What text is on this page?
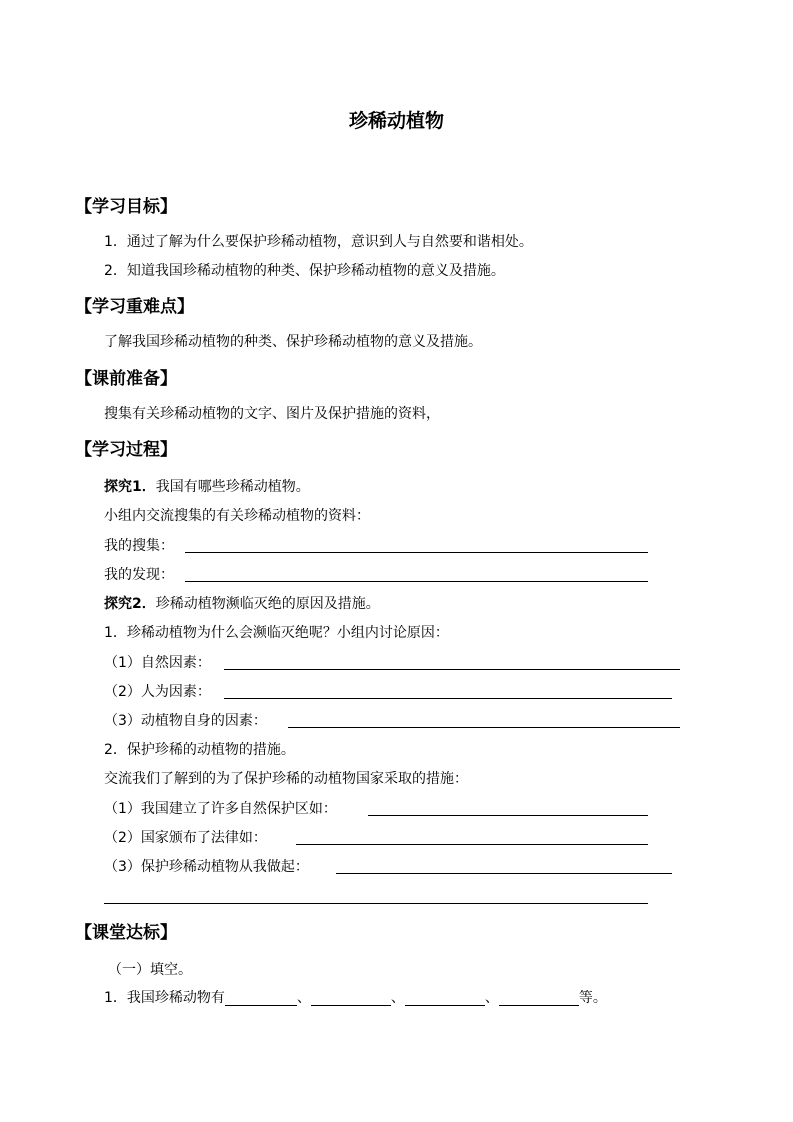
珍稀动植物
【学习目标】
1．通过了解为什么要保护珍稀动植物，意识到人与自然要和谐相处。
2．知道我国珍稀动植物的种类、保护珍稀动植物的意义及措施。
【学习重难点】
了解我国珍稀动植物的种类、保护珍稀动植物的意义及措施。
【课前准备】
搜集有关珍稀动植物的文字、图片及保护措施的资料，
【学习过程】
探究1．我国有哪些珍稀动植物。
小组内交流搜集的有关珍稀动植物的资料：
我的搜集：
我的发现：
探究2．珍稀动植物濒临灭绝的原因及措施。
1．珍稀动植物为什么会濒临灭绝呢？小组内讨论原因：
（1）自然因素：
（2）人为因素：
（3）动植物自身的因素：
2．保护珍稀的动植物的措施。
交流我们了解到的为了保护珍稀的动植物国家采取的措施：
（1）我国建立了许多自然保护区如：
（2）国家颁布了法律如：
（3）保护珍稀动植物从我做起：
【课堂达标】
（一）填空。
1．我国珍稀动物有	、	、	、	等。
